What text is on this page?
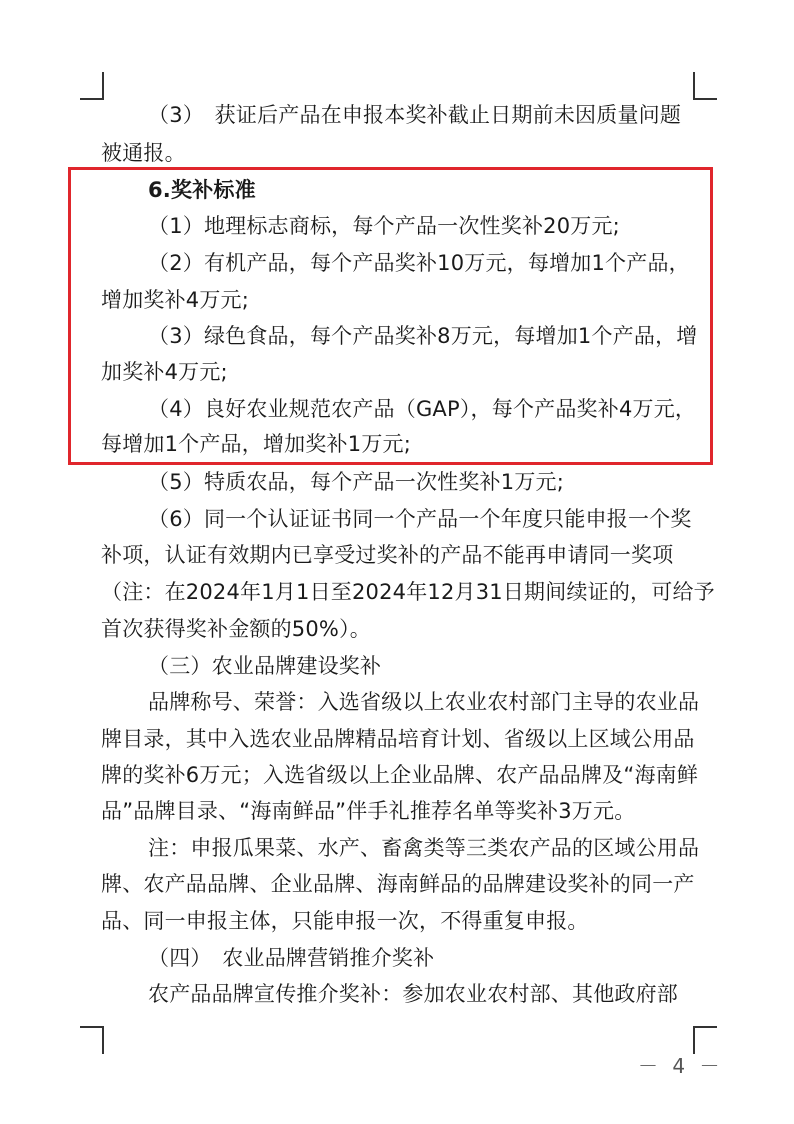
（3）　获证后产品在申报本奖补截止日期前未因质量问题
被通报。
6.奖补标准
（1）地理标志商标，每个产品一次性奖补20万元;
（2）有机产品，每个产品奖补10万元，每增加1个产品，
增加奖补4万元;
（3）绿色食品，每个产品奖补8万元，每增加1个产品，增
加奖补4万元;
（4）良好农业规范农产品（GAP），每个产品奖补4万元，
每增加1个产品，增加奖补1万元;
（5）特质农品，每个产品一次性奖补1万元;
（6）同一个认证证书同一个产品一个年度只能申报一个奖
补项，认证有效期内已享受过奖补的产品不能再申请同一奖项
（注：在2024年1月1日至2024年12月31日期间续证的，可给予
首次获得奖补金额的50%）。
（三）农业品牌建设奖补
品牌称号、荣誉：入选省级以上农业农村部门主导的农业品
牌目录，其中入选农业品牌精品培育计划、省级以上区域公用品
牌的奖补6万元；入选省级以上企业品牌、农产品品牌及“海南鲜
品”品牌目录、“海南鲜品”伴手礼推荐名单等奖补3万元。
注：申报瓜果菜、水产、畜禽类等三类农产品的区域公用品
牌、农产品品牌、企业品牌、海南鲜品的品牌建设奖补的同一产
品、同一申报主体，只能申报一次，不得重复申报。
（四）　农业品牌营销推介奖补
农产品品牌宣传推介奖补：参加农业农村部、其他政府部
－ 4 －
